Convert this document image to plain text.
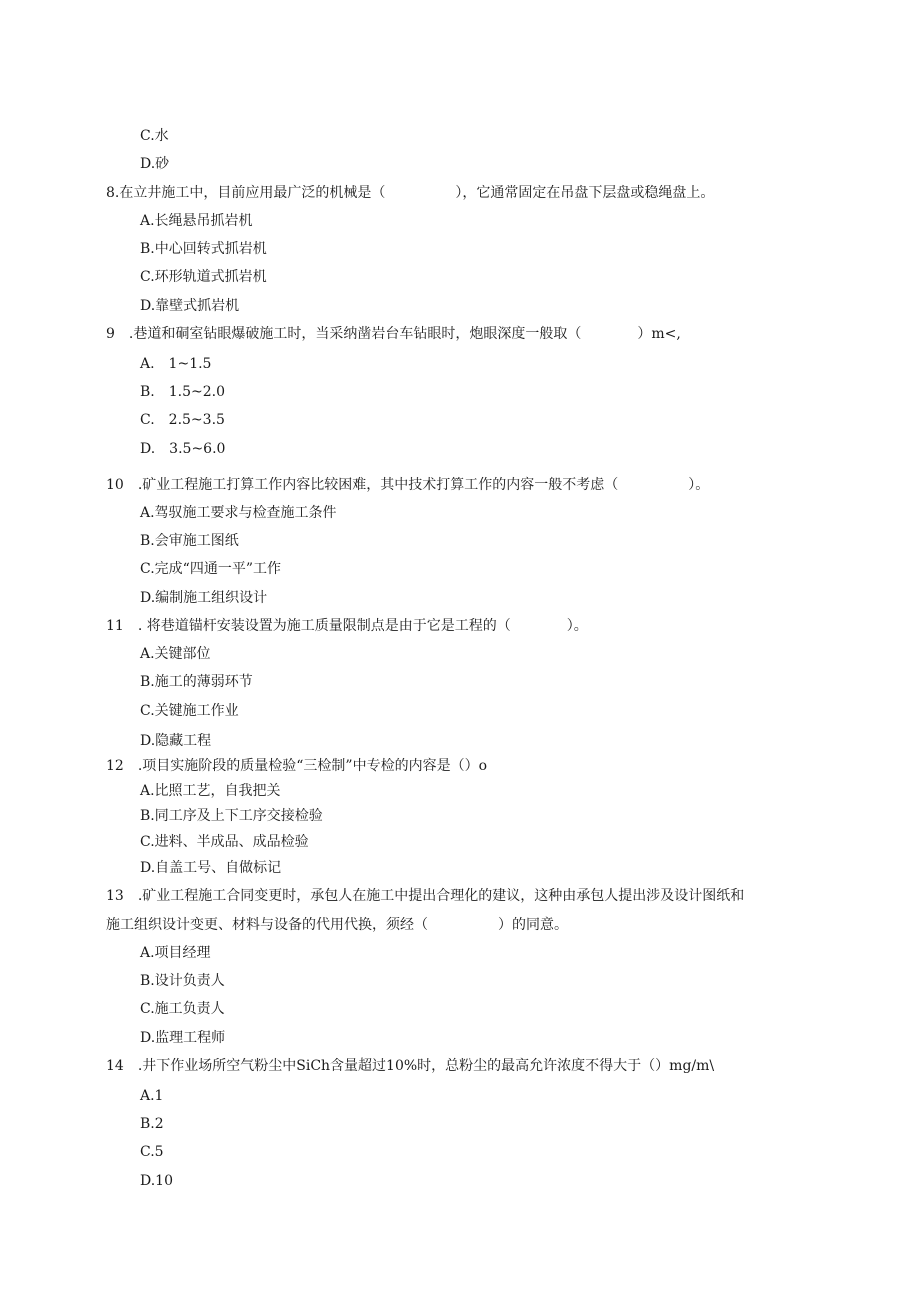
C.水
D.砂
8.在立井施工中，目前应用最广泛的机械是（　　　　　），它通常固定在吊盘下层盘或稳绳盘上。
A.长绳悬吊抓岩机
B.中心回转式抓岩机
C.环形轨道式抓岩机
D.靠壁式抓岩机
9　.巷道和硐室钻眼爆破施工时，当采纳凿岩台车钻眼时，炮眼深度一般取（　　　　）m<,
A.　1~1.5
B.　1.5~2.0
C.　2.5~3.5
D.　3.5~6.0
10　.矿业工程施工打算工作内容比较困难，其中技术打算工作的内容一般不考虑（　　　　　）。
A.驾驭施工要求与检查施工条件
B.会审施工图纸
C.完成“四通一平”工作
D.编制施工组织设计
11　. 将巷道锚杆安装设置为施工质量限制点是由于它是工程的（　　　　）。
A.关键部位
B.施工的薄弱环节
C.关键施工作业
D.隐藏工程
12　.项目实施阶段的质量检验“三检制”中专检的内容是（）o
A.比照工艺，自我把关
B.同工序及上下工序交接检验
C.进料、半成品、成品检验
D.自盖工号、自做标记
13　.矿业工程施工合同变更时，承包人在施工中提出合理化的建议，这种由承包人提出涉及设计图纸和
施工组织设计变更、材料与设备的代用代换，须经（　　　　　）的同意。
A.项目经理
B.设计负责人
C.施工负责人
D.监理工程师
14　.井下作业场所空气粉尘中SiCh含量超过10%时，总粉尘的最高允许浓度不得大于（）mg/m\
A.1
B.2
C.5
D.10
